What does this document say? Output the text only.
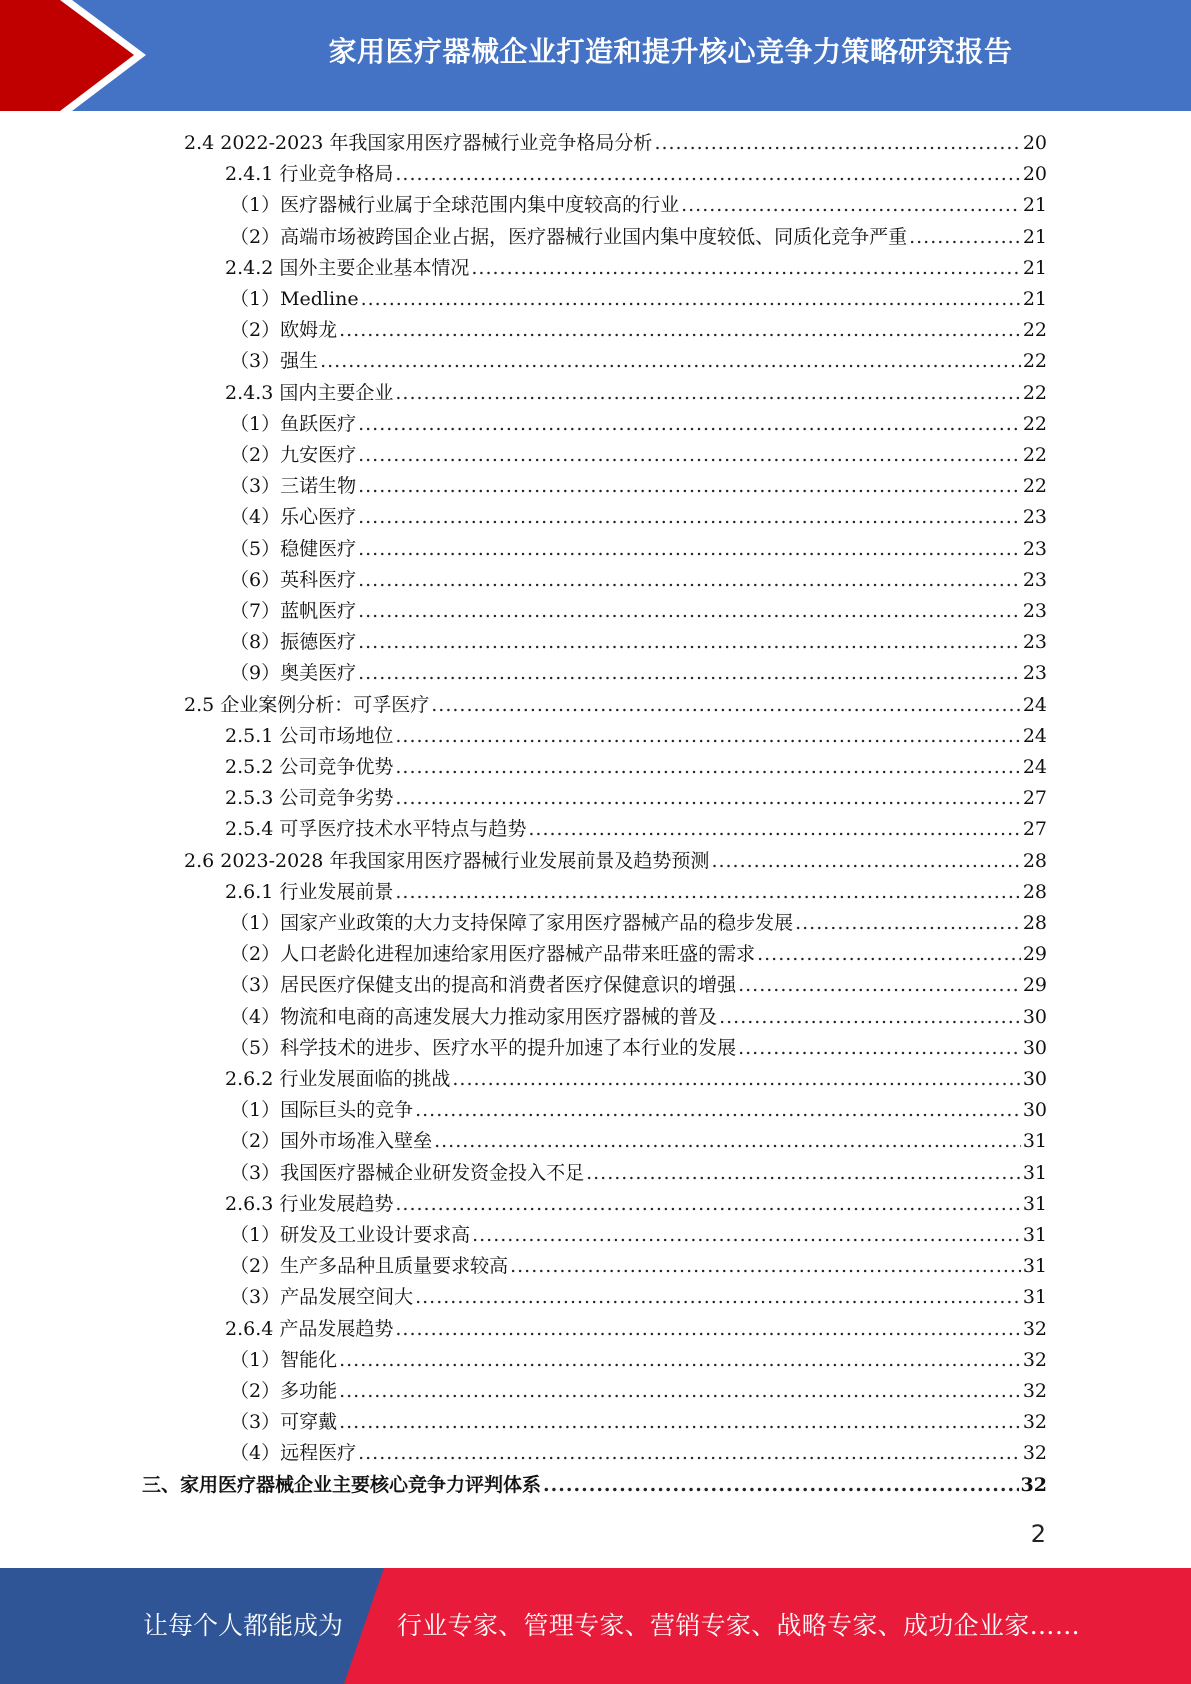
家用医疗器械企业打造和提升核心竞争力策略研究报告
2.4 2022-2023 年我国家用医疗器械行业竞争格局分析 .....	20
2.4.1 行业竞争格局 .....	20
（1）医疗器械行业属于全球范围内集中度较高的行业 .....	21
（2）高端市场被跨国企业占据，医疗器械行业国内集中度较低、同质化竞争严重 .....	21
2.4.2 国外主要企业基本情况 .....	21
（1）Medline .....	21
（2）欧姆龙 .....	22
（3）强生 .....	22
2.4.3 国内主要企业 .....	22
（1）鱼跃医疗 .....	22
（2）九安医疗 .....	22
（3）三诺生物 .....	22
（4）乐心医疗 .....	23
（5）稳健医疗 .....	23
（6）英科医疗 .....	23
（7）蓝帆医疗 .....	23
（8）振德医疗 .....	23
（9）奥美医疗 .....	23
2.5 企业案例分析：可孚医疗 .....	24
2.5.1 公司市场地位 .....	24
2.5.2 公司竞争优势 .....	24
2.5.3 公司竞争劣势 .....	27
2.5.4 可孚医疗技术水平特点与趋势 .....	27
2.6 2023-2028 年我国家用医疗器械行业发展前景及趋势预测 .....	28
2.6.1 行业发展前景 .....	28
（1）国家产业政策的大力支持保障了家用医疗器械产品的稳步发展 .....	28
（2）人口老龄化进程加速给家用医疗器械产品带来旺盛的需求 .....	29
（3）居民医疗保健支出的提高和消费者医疗保健意识的增强 .....	29
（4）物流和电商的高速发展大力推动家用医疗器械的普及 .....	30
（5）科学技术的进步、医疗水平的提升加速了本行业的发展 .....	30
2.6.2 行业发展面临的挑战 .....	30
（1）国际巨头的竞争 .....	30
（2）国外市场准入壁垒 .....	31
（3）我国医疗器械企业研发资金投入不足 .....	31
2.6.3 行业发展趋势 .....	31
（1）研发及工业设计要求高 .....	31
（2）生产多品种且质量要求较高 .....	31
（3）产品发展空间大 .....	31
2.6.4 产品发展趋势 .....	32
（1）智能化 .....	32
（2）多功能 .....	32
（3）可穿戴 .....	32
（4）远程医疗 .....	32
三、家用医疗器械企业主要核心竞争力评判体系 .....	32
2
让每个人都能成为 行业专家、管理专家、营销专家、战略专家、成功企业家……
